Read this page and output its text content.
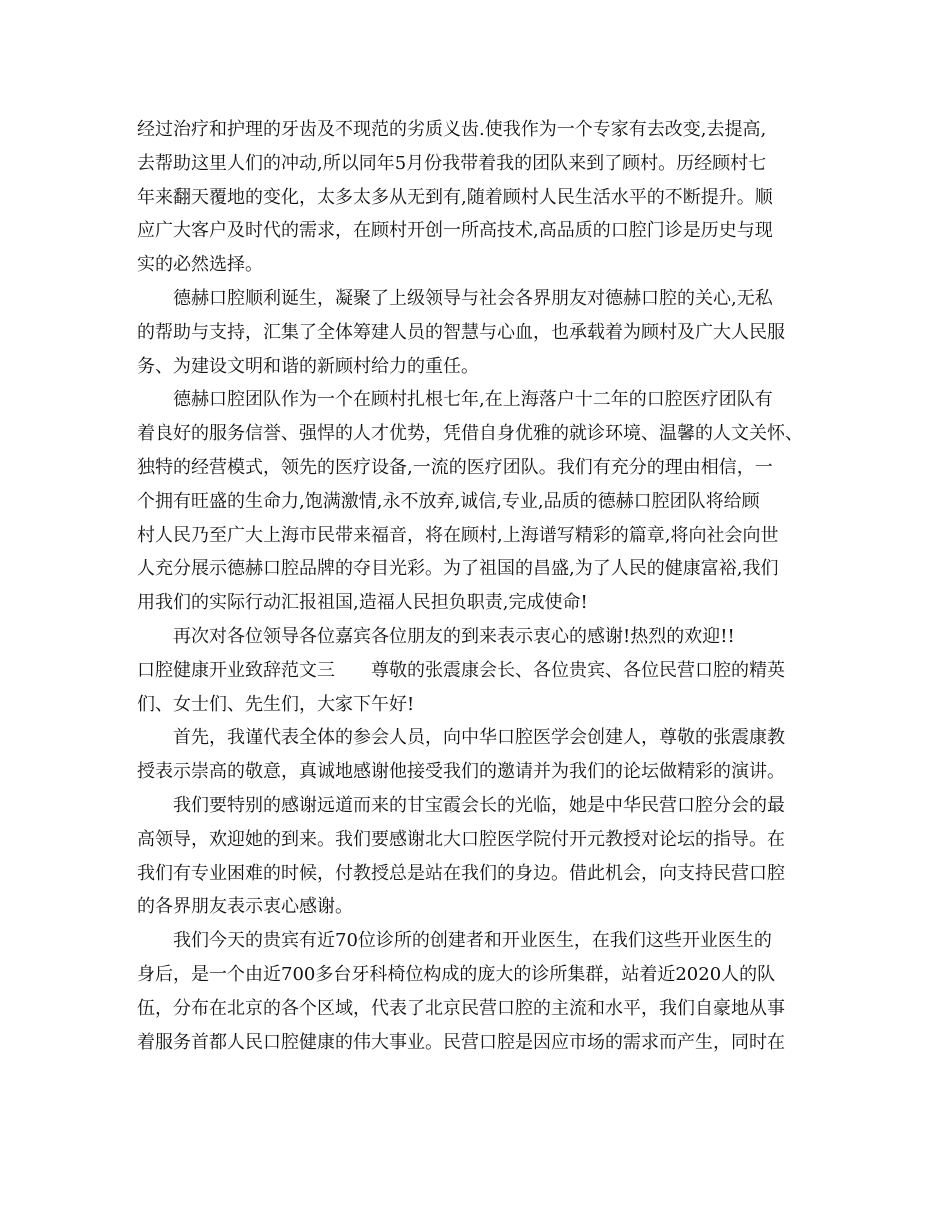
经过治疗和护理的牙齿及不现范的劣质义齿.使我作为一个专家有去改变,去提高,
去帮助这里人们的冲动,所以同年5月份我带着我的团队来到了顾村。历经顾村七
年来翻天覆地的变化，太多太多从无到有,随着顾村人民生活水平的不断提升。顺
应广大客户及时代的需求，在顾村开创一所高技术,高品质的口腔门诊是历史与现
实的必然选择。
德赫口腔顺利诞生，凝聚了上级领导与社会各界朋友对德赫口腔的关心,无私
的帮助与支持，汇集了全体筹建人员的智慧与心血，也承载着为顾村及广大人民服
务、为建设文明和谐的新顾村给力的重任。
德赫口腔团队作为一个在顾村扎根七年,在上海落户十二年的口腔医疗团队有
着良好的服务信誉、强悍的人才优势，凭借自身优雅的就诊环境、温馨的人文关怀、
独特的经营模式，领先的医疗设备,一流的医疗团队。我们有充分的理由相信，一
个拥有旺盛的生命力,饱满激情,永不放弃,诚信,专业,品质的德赫口腔团队将给顾
村人民乃至广大上海市民带来福音，将在顾村,上海谱写精彩的篇章,将向社会向世
人充分展示德赫口腔品牌的夺目光彩。为了祖国的昌盛,为了人民的健康富裕,我们
用我们的实际行动汇报祖国,造福人民担负职责,完成使命!
再次对各位领导各位嘉宾各位朋友的到来表示衷心的感谢!热烈的欢迎!!
口腔健康开业致辞范文三　　尊敬的张震康会长、各位贵宾、各位民营口腔的精英
们、女士们、先生们，大家下午好!
首先，我谨代表全体的参会人员，向中华口腔医学会创建人，尊敬的张震康教
授表示崇高的敬意，真诚地感谢他接受我们的邀请并为我们的论坛做精彩的演讲。
我们要特别的感谢远道而来的甘宝霞会长的光临，她是中华民营口腔分会的最
高领导，欢迎她的到来。我们要感谢北大口腔医学院付开元教授对论坛的指导。在
我们有专业困难的时候，付教授总是站在我们的身边。借此机会，向支持民营口腔
的各界朋友表示衷心感谢。
我们今天的贵宾有近70位诊所的创建者和开业医生，在我们这些开业医生的
身后，是一个由近700多台牙科椅位构成的庞大的诊所集群，站着近2020人的队
伍，分布在北京的各个区域，代表了北京民营口腔的主流和水平，我们自豪地从事
着服务首都人民口腔健康的伟大事业。民营口腔是因应市场的需求而产生，同时在
